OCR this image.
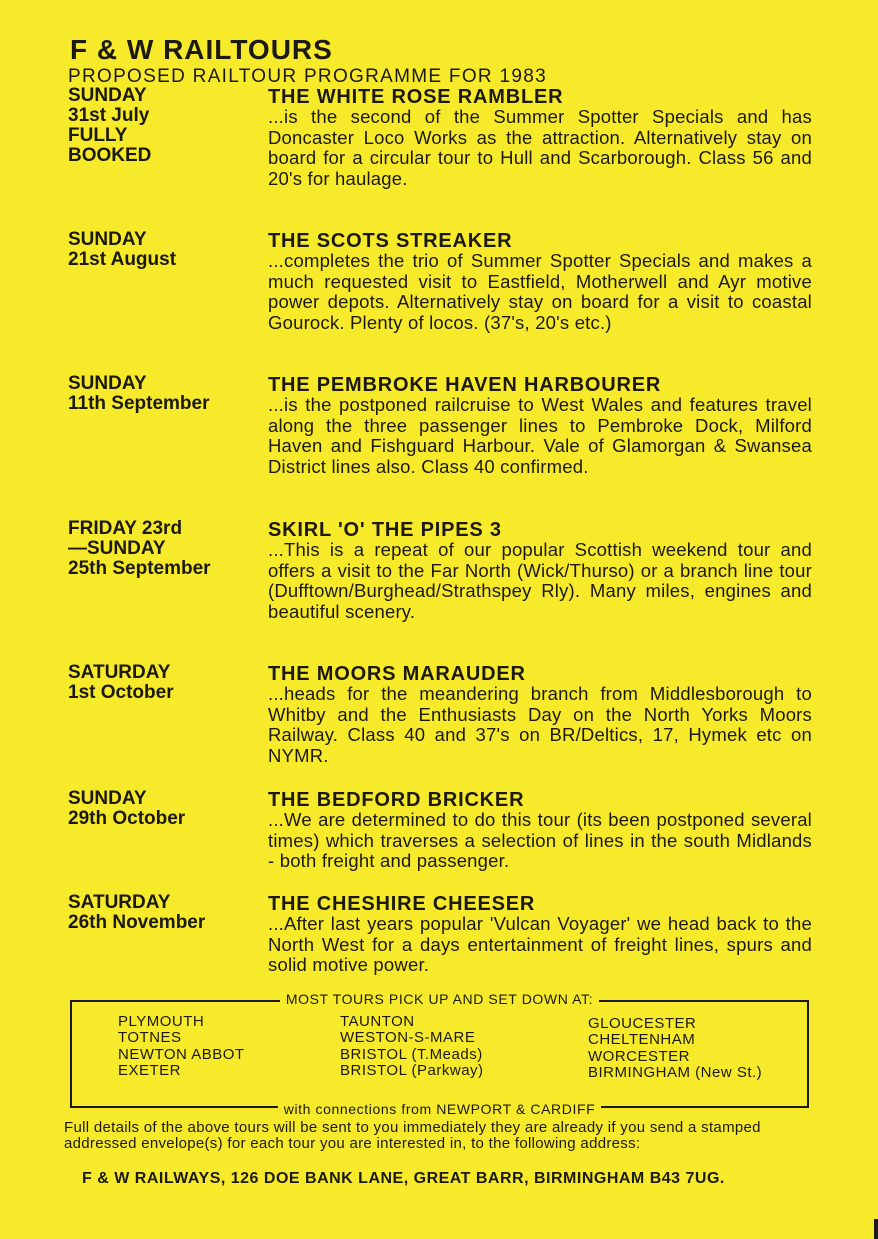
F & W RAILTOURS
PROPOSED RAILTOUR PROGRAMME FOR 1983
SUNDAY
31st July
FULLY
BOOKED
THE WHITE ROSE RAMBLER
...is the second of the Summer Spotter Specials and has Doncaster Loco Works as the attraction. Alternatively stay on board for a circular tour to Hull and Scarborough. Class 56 and 20's for haulage.
SUNDAY
21st August
THE SCOTS STREAKER
...completes the trio of Summer Spotter Specials and makes a much requested visit to Eastfield, Motherwell and Ayr motive power depots. Alternatively stay on board for a visit to coastal Gourock. Plenty of locos. (37's, 20's etc.)
SUNDAY
11th September
THE PEMBROKE HAVEN HARBOURER
...is the postponed railcruise to West Wales and features travel along the three passenger lines to Pembroke Dock, Milford Haven and Fishguard Harbour. Vale of Glamorgan & Swansea District lines also. Class 40 confirmed.
FRIDAY 23rd
—SUNDAY
25th September
SKIRL 'O' THE PIPES 3
...This is a repeat of our popular Scottish weekend tour and offers a visit to the Far North (Wick/Thurso) or a branch line tour (Dufftown/Burghead/Strathspey Rly). Many miles, engines and beautiful scenery.
SATURDAY
1st October
THE MOORS MARAUDER
...heads for the meandering branch from Middlesborough to Whitby and the Enthusiasts Day on the North Yorks Moors Railway. Class 40 and 37's on BR/Deltics, 17, Hymek etc on NYMR.
SUNDAY
29th October
THE BEDFORD BRICKER
...We are determined to do this tour (its been postponed several times) which traverses a selection of lines in the south Midlands - both freight and passenger.
SATURDAY
26th November
THE CHESHIRE CHEESER
...After last years popular 'Vulcan Voyager' we head back to the North West for a days entertainment of freight lines, spurs and solid motive power.
MOST TOURS PICK UP AND SET DOWN AT:
PLYMOUTH
TOTNES
NEWTON ABBOT
EXETER
TAUNTON
WESTON-S-MARE
BRISTOL (T.Meads)
BRISTOL (Parkway)
GLOUCESTER
CHELTENHAM
WORCESTER
BIRMINGHAM (New St.)
with connections from NEWPORT & CARDIFF
Full details of the above tours will be sent to you immediately they are already if you send a stamped addressed envelope(s) for each tour you are interested in, to the following address:
F & W RAILWAYS, 126 DOE BANK LANE, GREAT BARR, BIRMINGHAM B43 7UG.
